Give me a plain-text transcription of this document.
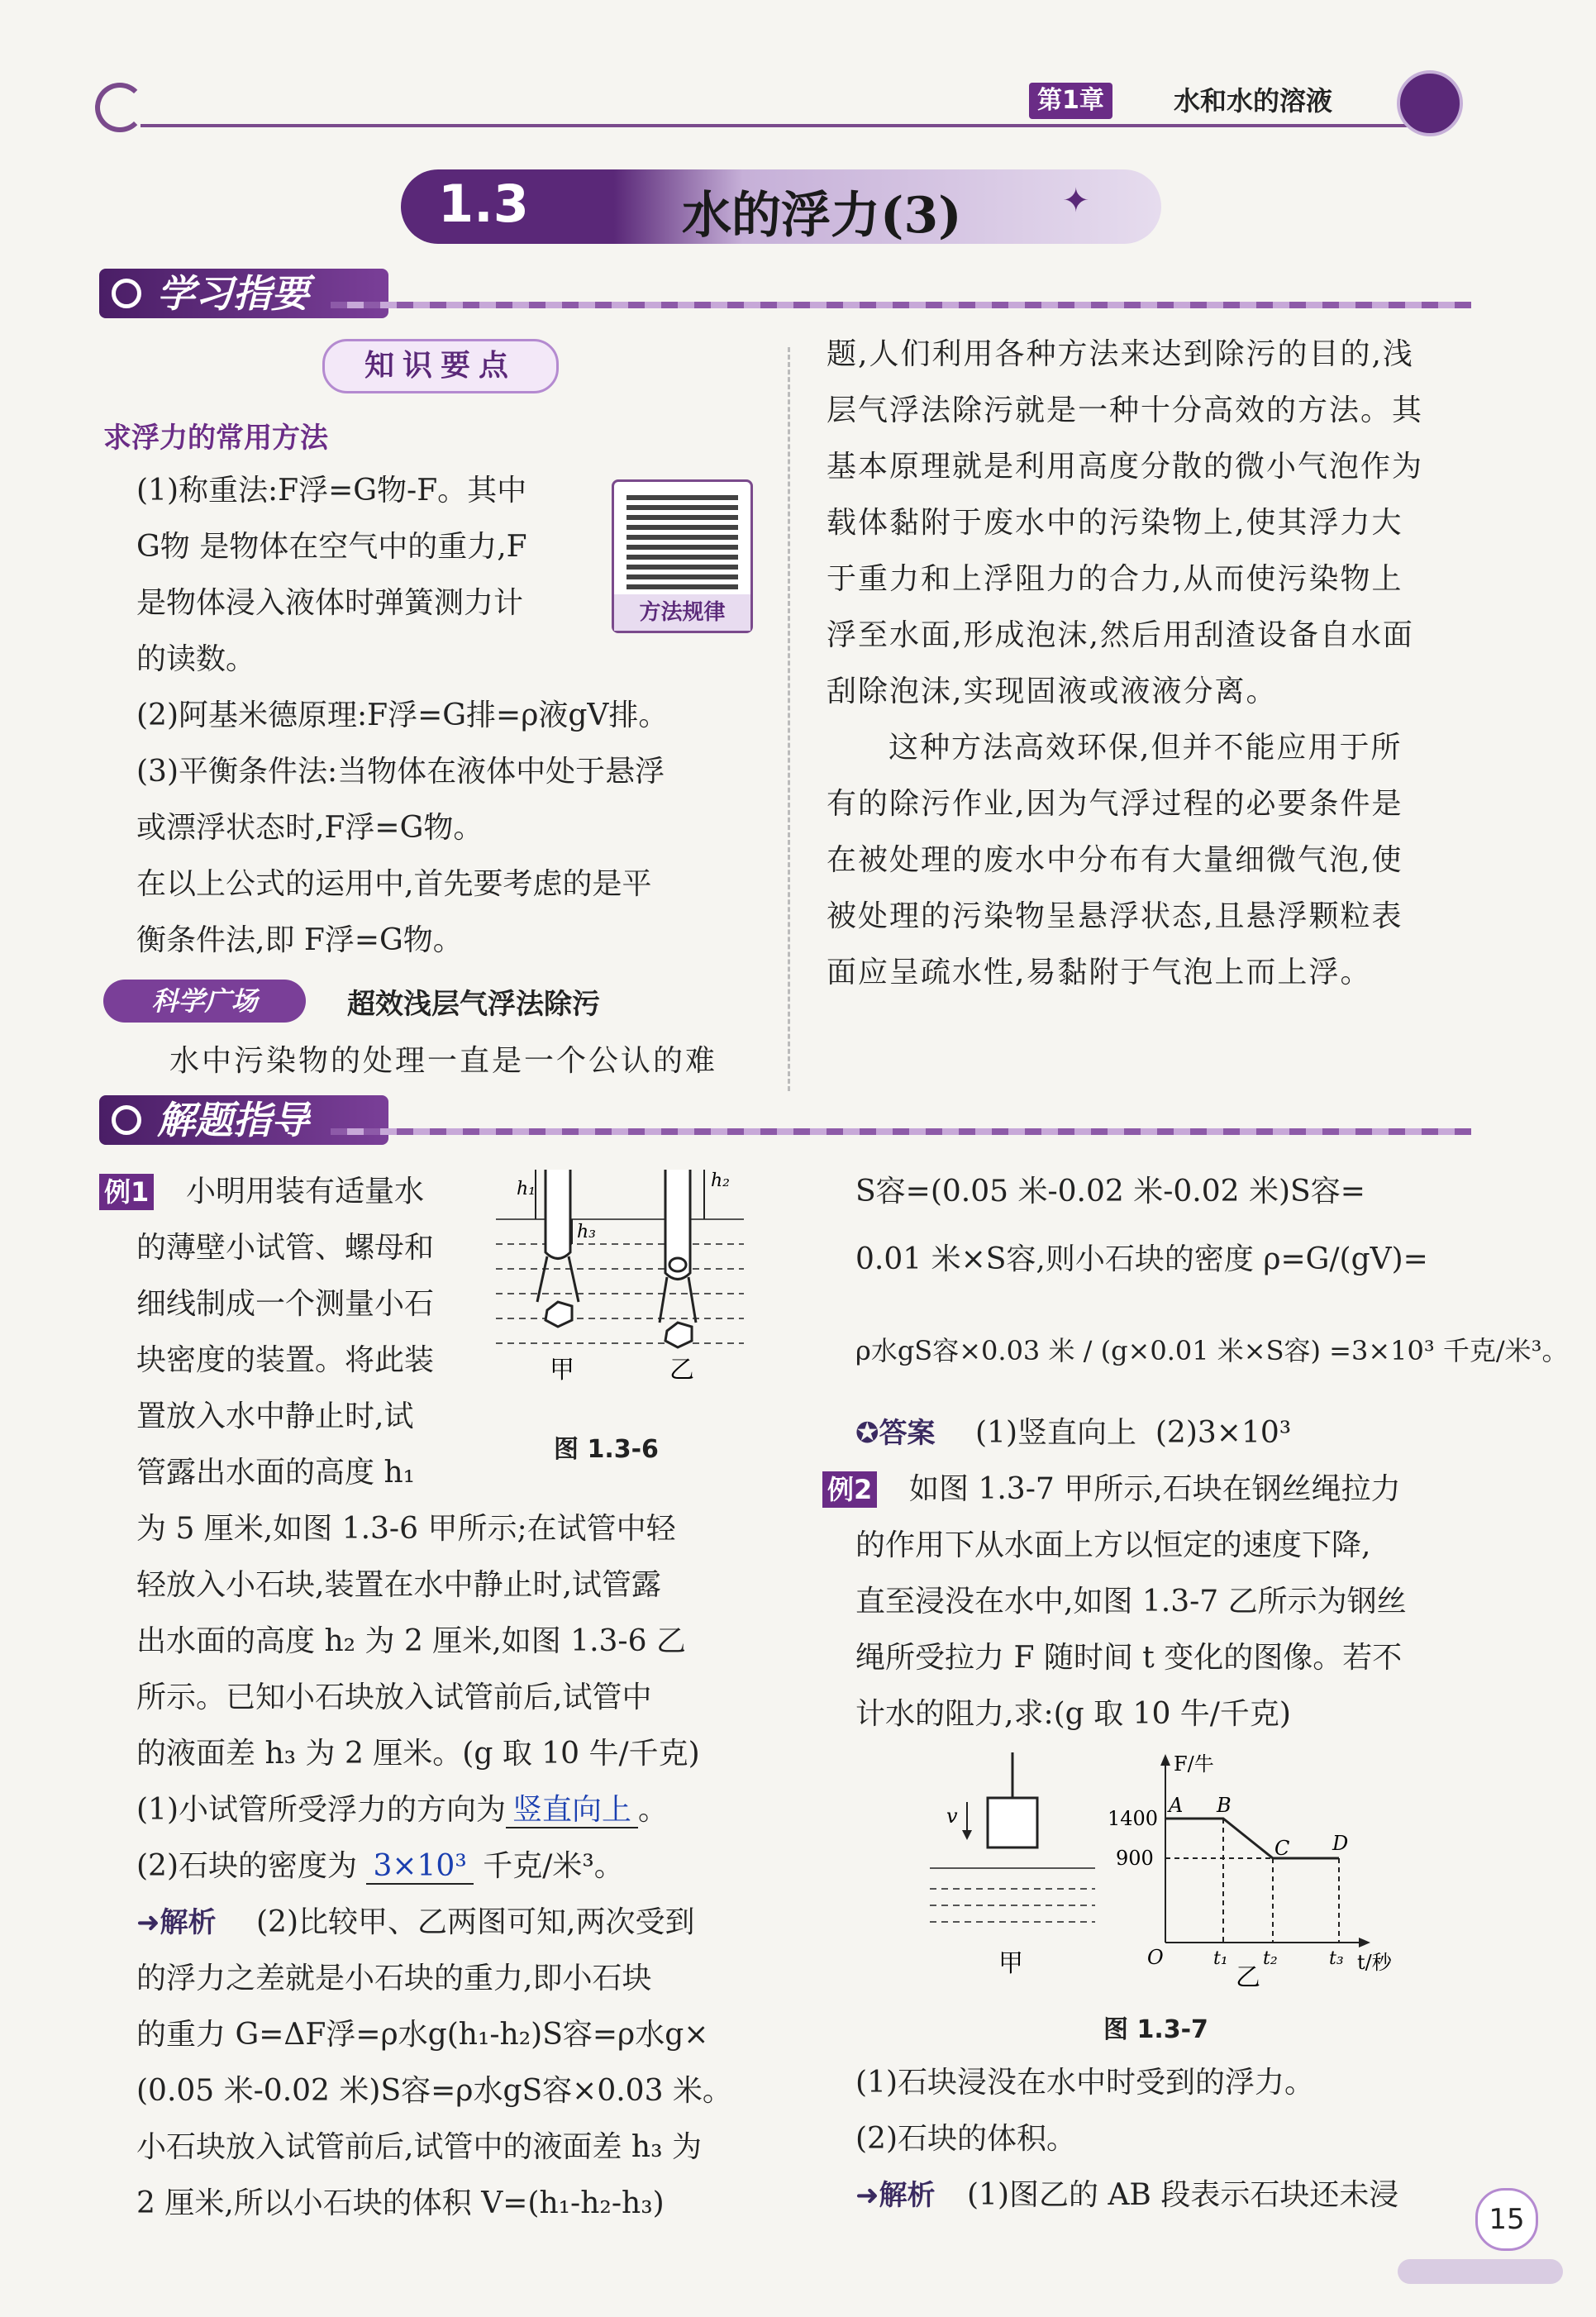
第1章	水和水的溶液
1.3	水的浮力(3)	✦
学习指要
知识要点
求浮力的常用方法
(1)称重法:F浮=G物-F。其中
G物 是物体在空气中的重力,F
是物体浸入液体时弹簧测力计
的读数。
(2)阿基米德原理:F浮=G排=ρ液gV排。
(3)平衡条件法:当物体在液体中处于悬浮
或漂浮状态时,F浮=G物。
在以上公式的运用中,首先要考虑的是平
衡条件法,即 F浮=G物。
方法规律
科学广场	超效浅层气浮法除污
水中污染物的处理一直是一个公认的难
题,人们利用各种方法来达到除污的目的,浅
层气浮法除污就是一种十分高效的方法。其
基本原理就是利用高度分散的微小气泡作为
载体黏附于废水中的污染物上,使其浮力大
于重力和上浮阻力的合力,从而使污染物上
浮至水面,形成泡沫,然后用刮渣设备自水面
刮除泡沫,实现固液或液液分离。
这种方法高效环保,但并不能应用于所
有的除污作业,因为气浮过程的必要条件是
在被处理的废水中分布有大量细微气泡,使
被处理的污染物呈悬浮状态,且悬浮颗粒表
面应呈疏水性,易黏附于气泡上而上浮。
解题指导
例1 小明用装有适量水
的薄壁小试管、螺母和
细线制成一个测量小石
块密度的装置。将此装
置放入水中静止时,试
管露出水面的高度 h₁
为 5 厘米,如图 1.3-6 甲所示;在试管中轻
轻放入小石块,装置在水中静止时,试管露
出水面的高度 h₂ 为 2 厘米,如图 1.3-6 乙
所示。已知小石块放入试管前后,试管中
的液面差 h₃ 为 2 厘米。(g 取 10 牛/千克)
(1)小试管所受浮力的方向为 竖直向上 。
(2)石块的密度为 3×10³ 千克/米³。
h₁	h₂
h₃
甲	乙
图 1.3-6
➜解析 (2)比较甲、乙两图可知,两次受到
的浮力之差就是小石块的重力,即小石块
的重力 G=ΔF浮=ρ水g(h₁-h₂)S容=ρ水g×
(0.05 米-0.02 米)S容=ρ水gS容×0.03 米。
小石块放入试管前后,试管中的液面差 h₃ 为
2 厘米,所以小石块的体积 V=(h₁-h₂-h₃)
S容=(0.05 米-0.02 米-0.02 米)S容=
0.01 米×S容,则小石块的密度 ρ=G/(gV)=
ρ水gS容×0.03 米 / (g×0.01 米×S容) =3×10³ 千克/米³。
✪答案 (1)竖直向上  (2)3×10³
例2 如图 1.3-7 甲所示,石块在钢丝绳拉力
的作用下从水面上方以恒定的速度下降,
直至浸没在水中,如图 1.3-7 乙所示为钢丝
绳所受拉力 F 随时间 t 变化的图像。若不
计水的阻力,求:(g 取 10 牛/千克)
v
甲
F/牛
t/秒
1400
900
O
A B
C D
t₁ t₂	t₃
乙
图 1.3-7
(1)石块浸没在水中时受到的浮力。
(2)石块的体积。
➜解析 (1)图乙的 AB 段表示石块还未浸
15
